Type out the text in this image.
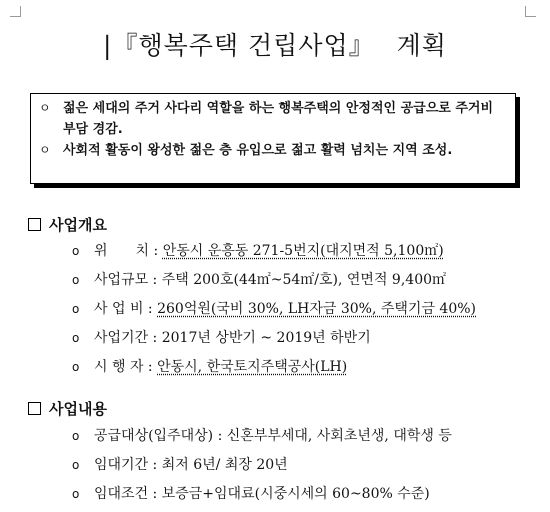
|『행복주택 건립사업』 계획
ㅇ 젊은 세대의 주거 사다리 역할을 하는 행복주택의 안정적인 공급으로 주거비 부담 경감.
ㅇ 사회적 활동이 왕성한 젊은 층 유입으로 젊고 활력 넘치는 지역 조성.
사업개요
o 위　　치 : 안동시 운흥동 271-5번지(대지면적 5,100㎡)
o 사업규모 : 주택 200호(44㎡~54㎡/호), 연면적 9,400㎡
o 사 업 비 : 260억원(국비 30%, LH자금 30%, 주택기금 40%)
o 사업기간 : 2017년 상반기 ~ 2019년 하반기
o 시 행 자 : 안동시, 한국토지주택공사(LH)
사업내용
o 공급대상(입주대상) : 신혼부부세대, 사회초년생, 대학생 등
o 임대기간 : 최저 6년/ 최장 20년
o 임대조건 : 보증금+임대료(시중시세의 60~80% 수준)
